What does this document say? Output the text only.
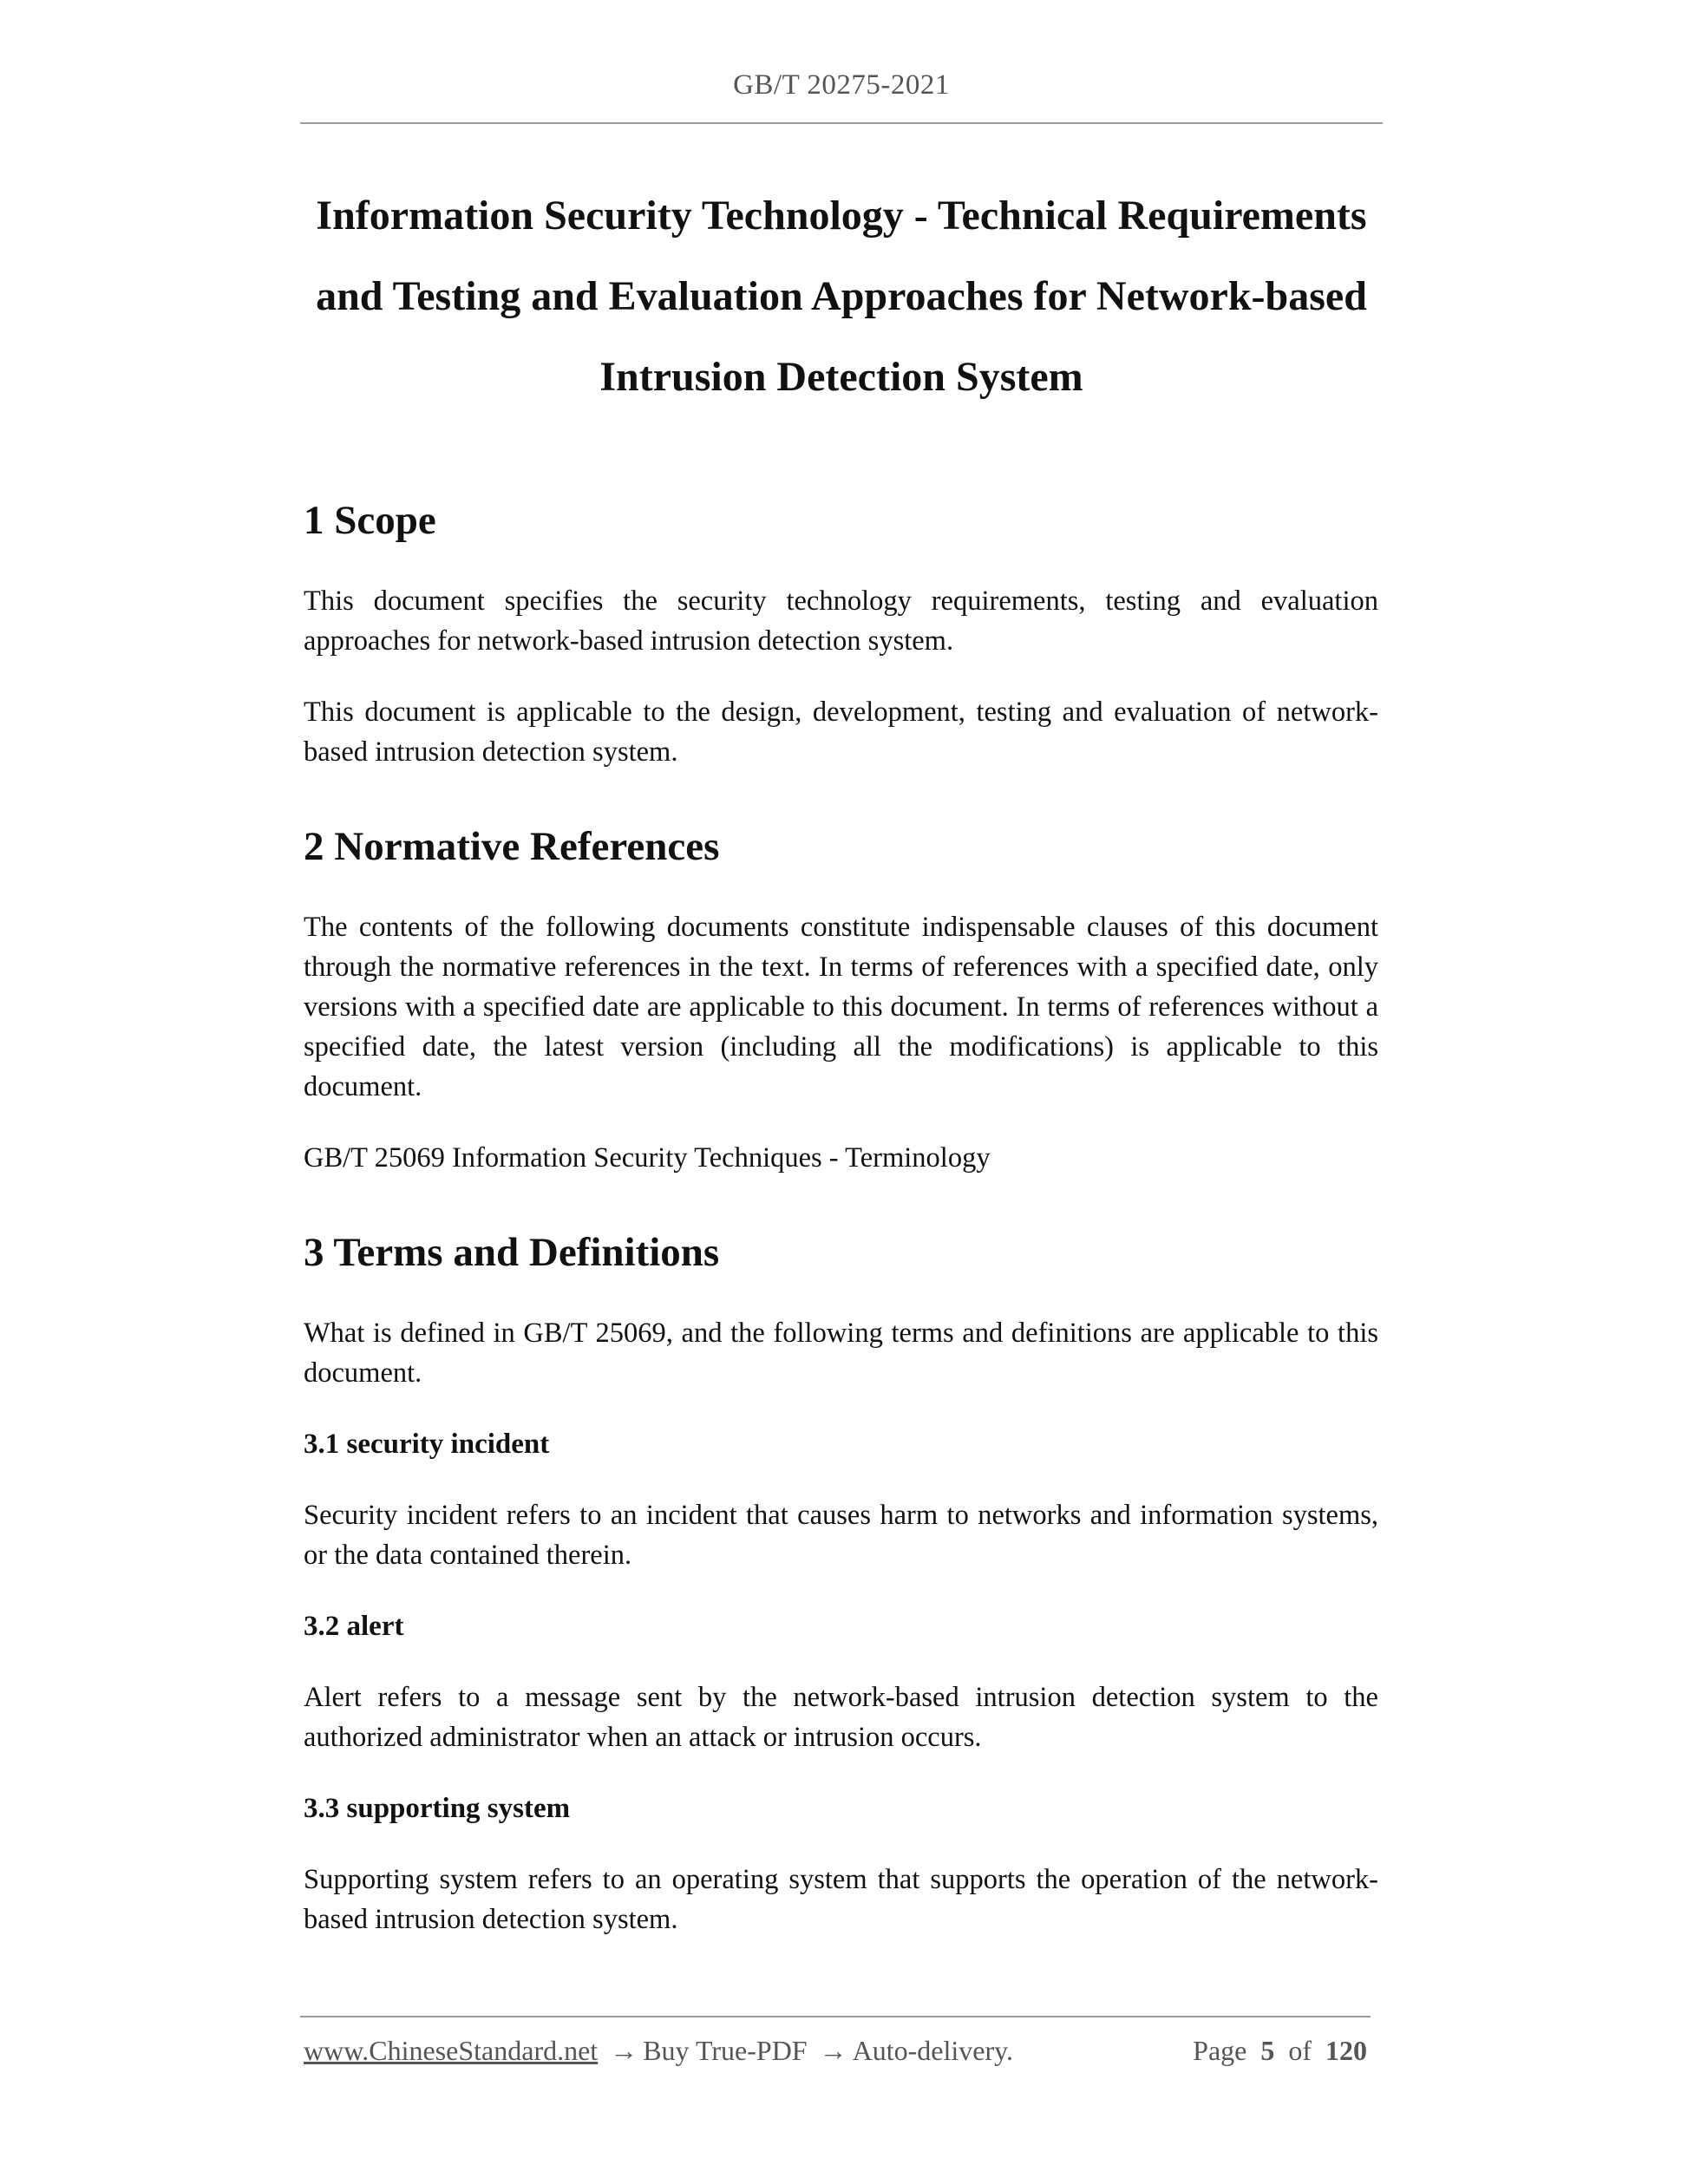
GB/T 20275-2021
Information Security Technology - Technical Requirements
and Testing and Evaluation Approaches for Network-based
Intrusion Detection System
1 Scope

This document specifies the security technology requirements, testing and evaluation approaches for network-based intrusion detection system.

This document is applicable to the design, development, testing and evaluation of network-based intrusion detection system.

2 Normative References

The contents of the following documents constitute indispensable clauses of this document through the normative references in the text. In terms of references with a specified date, only versions with a specified date are applicable to this document. In terms of references without a specified date, the latest version (including all the modifications) is applicable to this document.

GB/T 25069 Information Security Techniques - Terminology

3 Terms and Definitions

What is defined in GB/T 25069, and the following terms and definitions are applicable to this document.

3.1 security incident

Security incident refers to an incident that causes harm to networks and information systems, or the data contained therein.

3.2 alert

Alert refers to a message sent by the network-based intrusion detection system to the authorized administrator when an attack or intrusion occurs.

3.3 supporting system

Supporting system refers to an operating system that supports the operation of the network-based intrusion detection system.

www.ChineseStandard.net → Buy True-PDF → Auto-delivery.	Page 5 of 120
